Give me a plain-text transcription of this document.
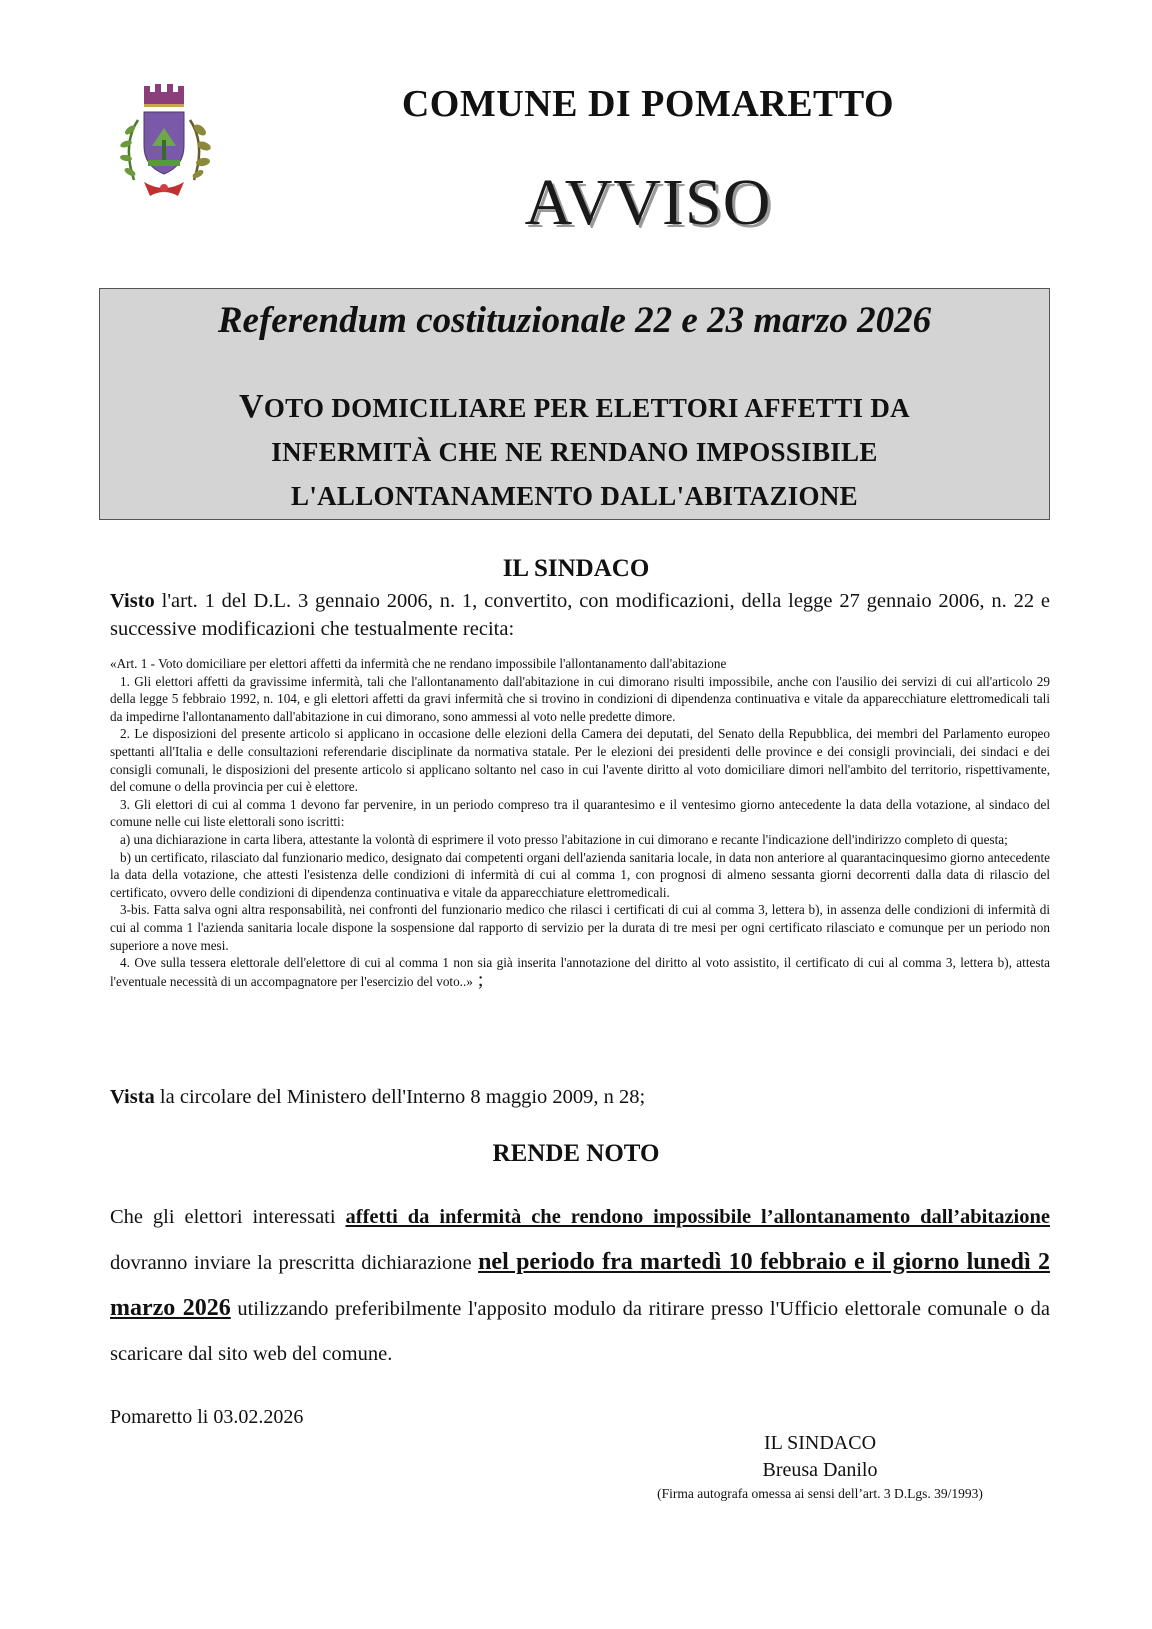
COMUNE DI POMARETTO
AVVISO
Referendum costituzionale 22 e 23 marzo 2026
VOTO DOMICILIARE PER ELETTORI AFFETTI DA
INFERMITÀ CHE NE RENDANO IMPOSSIBILE
L'ALLONTANAMENTO DALL'ABITAZIONE
IL SINDACO
Visto l'art. 1 del D.L. 3 gennaio 2006, n. 1, convertito, con modificazioni, della legge 27 gennaio 2006, n. 22 e successive modificazioni che testualmente recita:

«Art. 1 - Voto domiciliare per elettori affetti da infermità che ne rendano impossibile l'allontanamento dall'abitazione

1. Gli elettori affetti da gravissime infermità, tali che l'allontanamento dall'abitazione in cui dimorano risulti impossibile, anche con l'ausilio dei servizi di cui all'articolo 29 della legge 5 febbraio 1992, n. 104, e gli elettori affetti da gravi infermità che si trovino in condizioni di dipendenza continuativa e vitale da apparecchiature elettromedicali tali da impedirne l'allontanamento dall'abitazione in cui dimorano, sono ammessi al voto nelle predette dimore.

2. Le disposizioni del presente articolo si applicano in occasione delle elezioni della Camera dei deputati, del Senato della Repubblica, dei membri del Parlamento europeo spettanti all'Italia e delle consultazioni referendarie disciplinate da normativa statale. Per le elezioni dei presidenti delle province e dei consigli provinciali, dei sindaci e dei consigli comunali, le disposizioni del presente articolo si applicano soltanto nel caso in cui l'avente diritto al voto domiciliare dimori nell'ambito del territorio, rispettivamente, del comune o della provincia per cui è elettore.

3. Gli elettori di cui al comma 1 devono far pervenire, in un periodo compreso tra il quarantesimo e il ventesimo giorno antecedente la data della votazione, al sindaco del comune nelle cui liste elettorali sono iscritti:

a) una dichiarazione in carta libera, attestante la volontà di esprimere il voto presso l'abitazione in cui dimorano e recante l'indicazione dell'indirizzo completo di questa;

b) un certificato, rilasciato dal funzionario medico, designato dai competenti organi dell'azienda sanitaria locale, in data non anteriore al quarantacinquesimo giorno antecedente la data della votazione, che attesti l'esistenza delle condizioni di infermità di cui al comma 1, con prognosi di almeno sessanta giorni decorrenti dalla data di rilascio del certificato, ovvero delle condizioni di dipendenza continuativa e vitale da apparecchiature elettromedicali.

3-bis. Fatta salva ogni altra responsabilità, nei confronti del funzionario medico che rilasci i certificati di cui al comma 3, lettera b), in assenza delle condizioni di infermità di cui al comma 1 l'azienda sanitaria locale dispone la sospensione dal rapporto di servizio per la durata di tre mesi per ogni certificato rilasciato e comunque per un periodo non superiore a nove mesi.

4. Ove sulla tessera elettorale dell'elettore di cui al comma 1 non sia già inserita l'annotazione del diritto al voto assistito, il certificato di cui al comma 3, lettera b), attesta l'eventuale necessità di un accompagnatore per l'esercizio del voto..» ;

Vista la circolare del Ministero dell'Interno 8 maggio 2009, n 28;
RENDE NOTO
Che gli elettori interessati affetti da infermità che rendono impossibile l’allontanamento dall’abitazione dovranno inviare la prescritta dichiarazione nel periodo fra martedì 10 febbraio e il giorno lunedì 2 marzo 2026 utilizzando preferibilmente l'apposito modulo da ritirare presso l'Ufficio elettorale comunale o da scaricare dal sito web del comune.
Pomaretto li 03.02.2026
IL SINDACO
Breusa Danilo
(Firma autografa omessa ai sensi dell’art. 3 D.Lgs. 39/1993)
